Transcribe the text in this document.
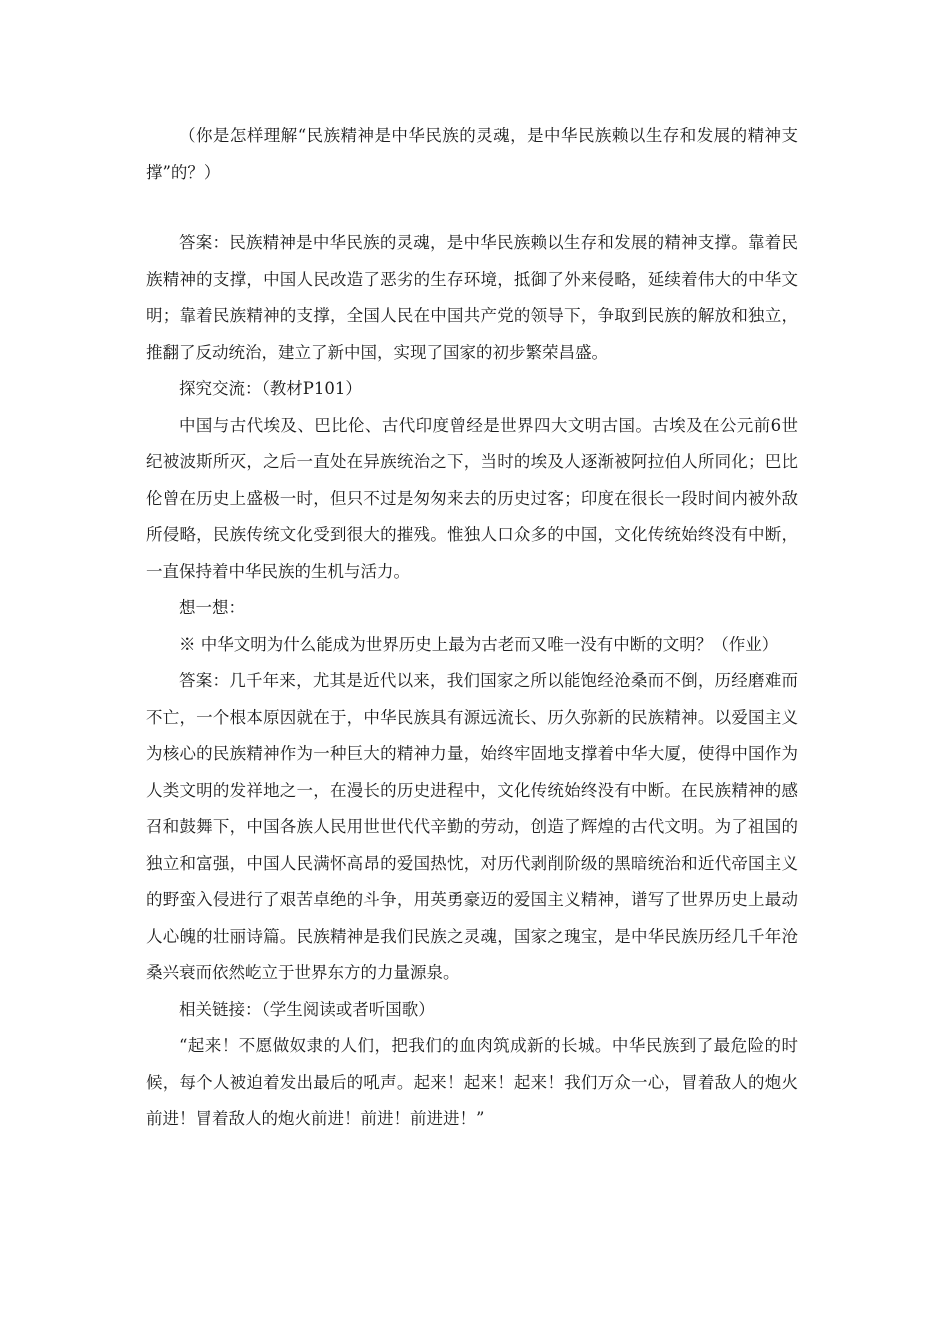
（你是怎样理解“民族精神是中华民族的灵魂，是中华民族赖以生存和发展的精神支撑”的？）

答案：民族精神是中华民族的灵魂，是中华民族赖以生存和发展的精神支撑。靠着民族精神的支撑，中国人民改造了恶劣的生存环境，抵御了外来侵略，延续着伟大的中华文明；靠着民族精神的支撑，全国人民在中国共产党的领导下，争取到民族的解放和独立，推翻了反动统治，建立了新中国，实现了国家的初步繁荣昌盛。

探究交流：（教材P101）

中国与古代埃及、巴比伦、古代印度曾经是世界四大文明古国。古埃及在公元前6世纪被波斯所灭，之后一直处在异族统治之下，当时的埃及人逐渐被阿拉伯人所同化；巴比伦曾在历史上盛极一时，但只不过是匆匆来去的历史过客；印度在很长一段时间内被外敌所侵略，民族传统文化受到很大的摧残。惟独人口众多的中国，文化传统始终没有中断，一直保持着中华民族的生机与活力。

想一想：

※ 中华文明为什么能成为世界历史上最为古老而又唯一没有中断的文明？（作业）

答案：几千年来，尤其是近代以来，我们国家之所以能饱经沧桑而不倒，历经磨难而不亡，一个根本原因就在于，中华民族具有源远流长、历久弥新的民族精神。以爱国主义为核心的民族精神作为一种巨大的精神力量，始终牢固地支撑着中华大厦，使得中国作为人类文明的发祥地之一，在漫长的历史进程中，文化传统始终没有中断。在民族精神的感召和鼓舞下，中国各族人民用世世代代辛勤的劳动，创造了辉煌的古代文明。为了祖国的独立和富强，中国人民满怀高昂的爱国热忱，对历代剥削阶级的黑暗统治和近代帝国主义的野蛮入侵进行了艰苦卓绝的斗争，用英勇豪迈的爱国主义精神，谱写了世界历史上最动人心魄的壮丽诗篇。民族精神是我们民族之灵魂，国家之瑰宝，是中华民族历经几千年沧桑兴衰而依然屹立于世界东方的力量源泉。

相关链接：（学生阅读或者听国歌）

“起来！不愿做奴隶的人们，把我们的血肉筑成新的长城。中华民族到了最危险的时候，每个人被迫着发出最后的吼声。起来！起来！起来！我们万众一心，冒着敌人的炮火前进！冒着敌人的炮火前进！前进！前进进！”
